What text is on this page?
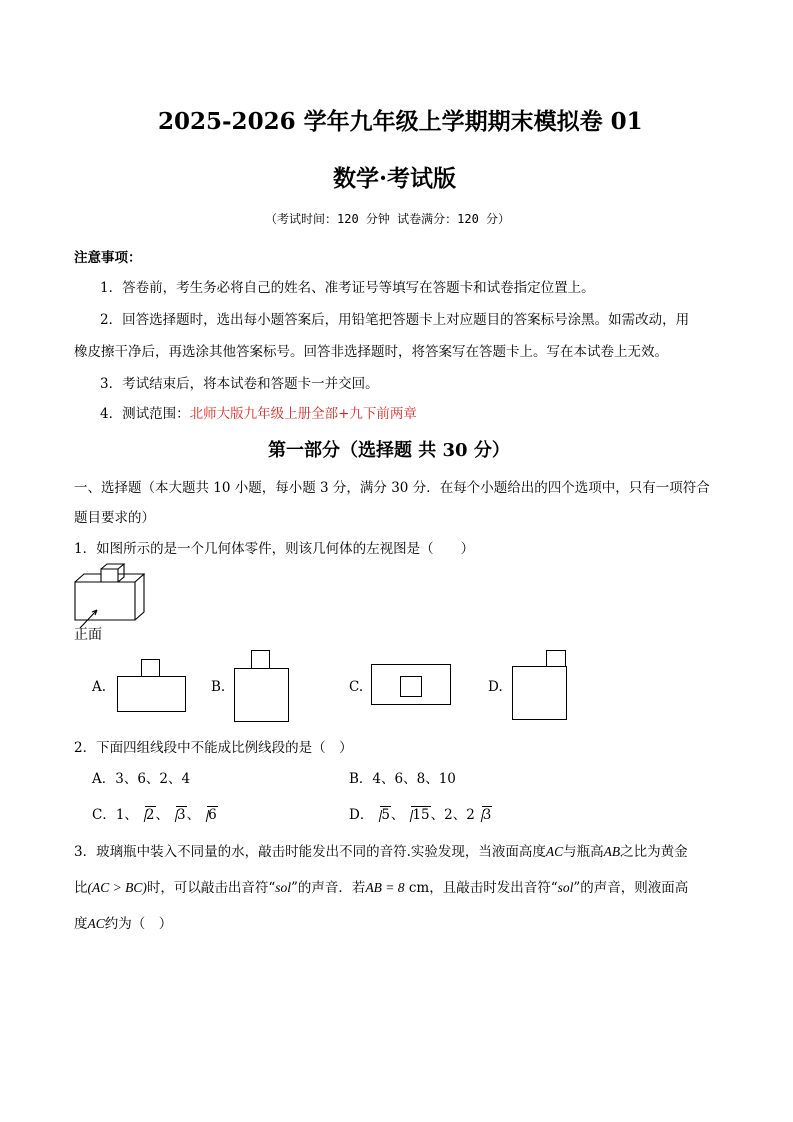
2025-2026 学年九年级上学期期末模拟卷 01
数学·考试版
（考试时间：120 分钟 试卷满分：120 分）
注意事项：
1．答卷前，考生务必将自己的姓名、准考证号等填写在答题卡和试卷指定位置上。
2．回答选择题时，选出每小题答案后，用铅笔把答题卡上对应题目的答案标号涂黑。如需改动，用
橡皮擦干净后，再选涂其他答案标号。回答非选择题时，将答案写在答题卡上。写在本试卷上无效。
3．考试结束后，将本试卷和答题卡一并交回。
4．测试范围：北师大版九年级上册全部+九下前两章
第一部分（选择题 共 30 分）
一、选择题（本大题共 10 小题，每小题 3 分，满分 30 分．在每个小题给出的四个选项中，只有一项符合
题目要求的）
1．如图所示的是一个几何体零件，则该几何体的左视图是（　　）
正面
A.	B.	C.	D.
2．下面四组线段中不能成比例线段的是（　）
A．3、6、2、4	B．4、6、8、10
C．1、 2、 3、 6	D． 5、 15、2、2 3
3．玻璃瓶中装入不同量的水，敲击时能发出不同的音符.实验发现，当液面高度AC与瓶高AB之比为黄金
比(AC > BC)时，可以敲击出音符“sol”的声音．若AB = 8 cm，且敲击时发出音符“sol”的声音，则液面高
度AC约为（　）
